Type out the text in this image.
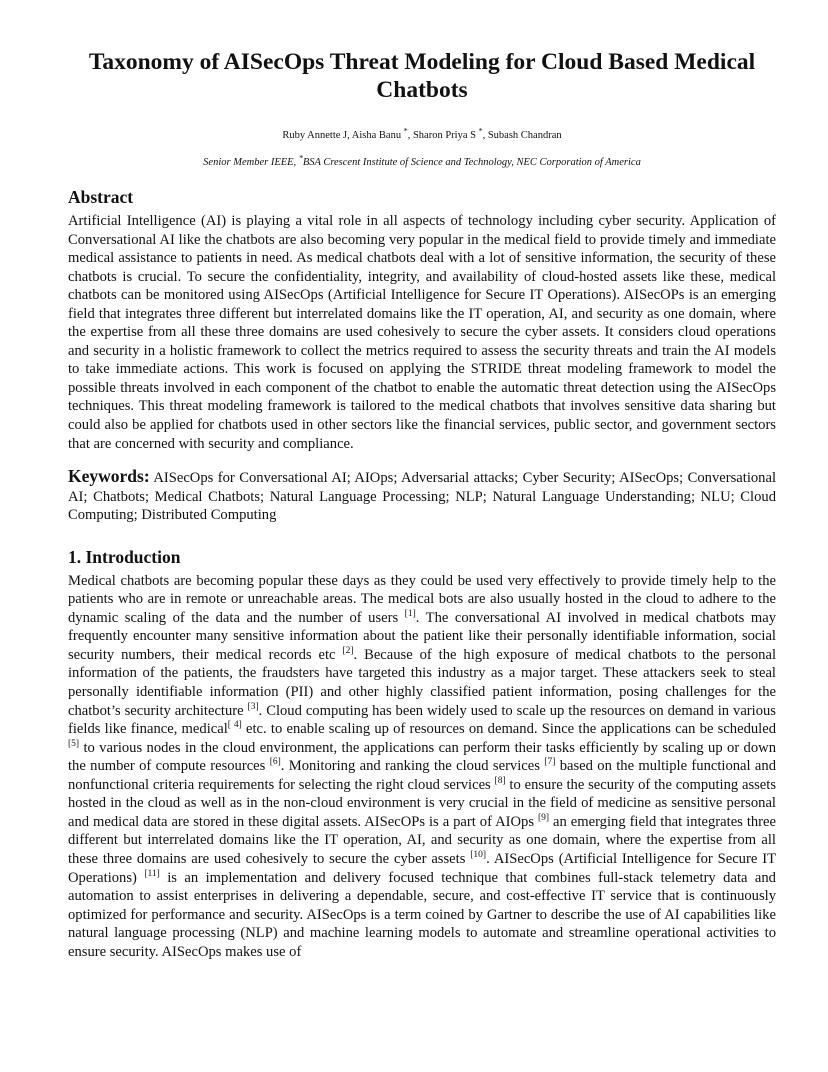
Taxonomy of AISecOps Threat Modeling for Cloud Based Medical Chatbots
Ruby Annette J, Aisha Banu *, Sharon Priya S *, Subash Chandran
Senior Member IEEE, *BSA Crescent Institute of Science and Technology, NEC Corporation of America
Abstract

Artificial Intelligence (AI) is playing a vital role in all aspects of technology including cyber security. Application of Conversational AI like the chatbots are also becoming very popular in the medical field to provide timely and immediate medical assistance to patients in need. As medical chatbots deal with a lot of sensitive information, the security of these chatbots is crucial. To secure the confidentiality, integrity, and availability of cloud-hosted assets like these, medical chatbots can be monitored using AISecOps (Artificial Intelligence for Secure IT Operations). AISecOPs is an emerging field that integrates three different but interrelated domains like the IT operation, AI, and security as one domain, where the expertise from all these three domains are used cohesively to secure the cyber assets. It considers cloud operations and security in a holistic framework to collect the metrics required to assess the security threats and train the AI models to take immediate actions. This work is focused on applying the STRIDE threat modeling framework to model the possible threats involved in each component of the chatbot to enable the automatic threat detection using the AISecOps techniques. This threat modeling framework is tailored to the medical chatbots that involves sensitive data sharing but could also be applied for chatbots used in other sectors like the financial services, public sector, and government sectors that are concerned with security and compliance.

Keywords: AISecOps for Conversational AI; AIOps; Adversarial attacks; Cyber Security; AISecOps; Conversational AI; Chatbots; Medical Chatbots; Natural Language Processing; NLP; Natural Language Understanding; NLU; Cloud Computing; Distributed Computing
1. Introduction

Medical chatbots are becoming popular these days as they could be used very effectively to provide timely help to the patients who are in remote or unreachable areas. The medical bots are also usually hosted in the cloud to adhere to the dynamic scaling of the data and the number of users [1]. The conversational AI involved in medical chatbots may frequently encounter many sensitive information about the patient like their personally identifiable information, social security numbers, their medical records etc [2]. Because of the high exposure of medical chatbots to the personal information of the patients, the fraudsters have targeted this industry as a major target. These attackers seek to steal personally identifiable information (PII) and other highly classified patient information, posing challenges for the chatbot’s security architecture [3]. Cloud computing has been widely used to scale up the resources on demand in various fields like finance, medical[ 4] etc. to enable scaling up of resources on demand. Since the applications can be scheduled [5] to various nodes in the cloud environment, the applications can perform their tasks efficiently by scaling up or down the number of compute resources [6]. Monitoring and ranking the cloud services [7] based on the multiple functional and nonfunctional criteria requirements for selecting the right cloud services [8] to ensure the security of the computing assets hosted in the cloud as well as in the non-cloud environment is very crucial in the field of medicine as sensitive personal and medical data are stored in these digital assets. AISecOPs is a part of AIOps [9] an emerging field that integrates three different but interrelated domains like the IT operation, AI, and security as one domain, where the expertise from all these three domains are used cohesively to secure the cyber assets [10]. AISecOps (Artificial Intelligence for Secure IT Operations) [11] is an implementation and delivery focused technique that combines full-stack telemetry data and automation to assist enterprises in delivering a dependable, secure, and cost-effective IT service that is continuously optimized for performance and security. AISecOps is a term coined by Gartner to describe the use of AI capabilities like natural language processing (NLP) and machine learning models to automate and streamline operational activities to ensure security. AISecOps makes use of
